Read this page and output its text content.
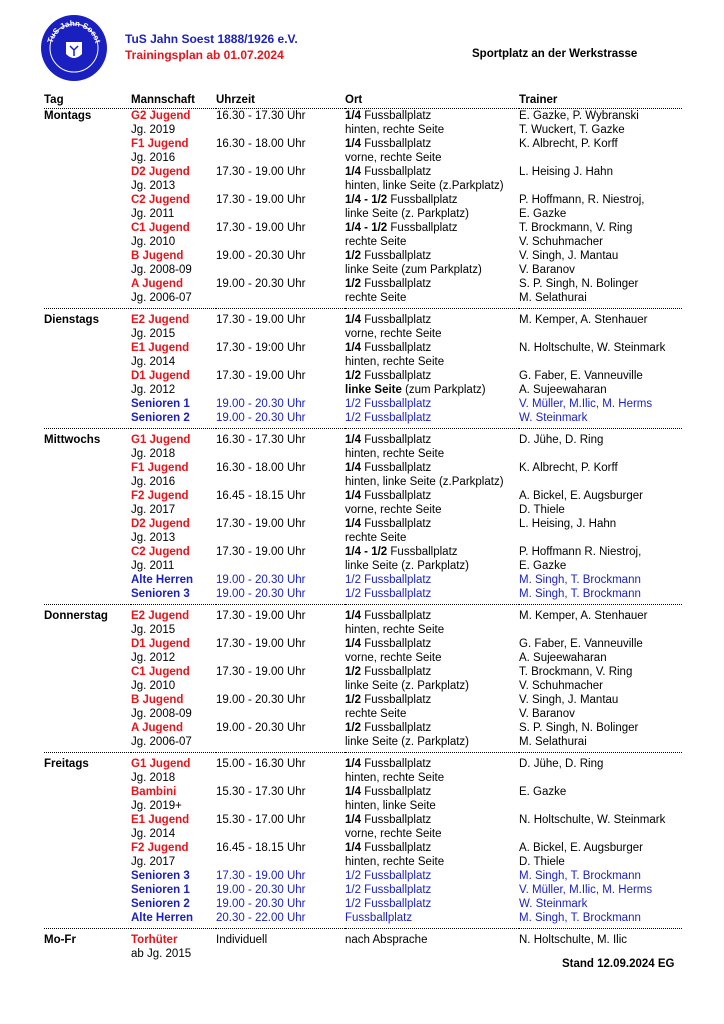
TuS Jahn Soest TuS Jahn Soest 1888/1926 e.V.
Trainingsplan ab 01.07.2024	Sportplatz an der Werkstrasse
Tag	Mannschaft	Uhrzeit	Ort	Trainer
Montags	G2 Jugend	16.30 - 17.30 Uhr	1/4 Fussballplatz	E. Gazke, P. Wybranski
	Jg. 2019		hinten, rechte Seite	T. Wuckert, T. Gazke
	F1 Jugend	16.30 - 18.00 Uhr	1/4 Fussballplatz	K. Albrecht, P. Korff
	Jg. 2016		vorne, rechte Seite	
	D2 Jugend	17.30 - 19.00 Uhr	1/4 Fussballplatz	L. Heising J. Hahn
	Jg. 2013		hinten, linke Seite (z.Parkplatz)	
	C2 Jugend	17.30 - 19.00 Uhr	1/4 - 1/2 Fussballplatz	P. Hoffmann, R. Niestroj,
	Jg. 2011		linke Seite (z. Parkplatz)	E. Gazke
	C1 Jugend	17.30 - 19.00 Uhr	1/4 - 1/2 Fussballplatz	T. Brockmann, V. Ring
	Jg. 2010		rechte Seite	V. Schuhmacher
	B Jugend	19.00 - 20.30 Uhr	1/2 Fussballplatz	V. Singh, J. Mantau
	Jg. 2008-09		linke Seite (zum Parkplatz)	V. Baranov
	A Jugend	19.00 - 20.30 Uhr	1/2 Fussballplatz	S. P. Singh, N. Bolinger
	Jg. 2006-07		rechte Seite	M. Selathurai

Dienstags	E2 Jugend	17.30 - 19.00 Uhr	1/4 Fussballplatz	M. Kemper, A. Stenhauer
	Jg. 2015		vorne, rechte Seite	
	E1 Jugend	17.30 - 19:00 Uhr	1/4 Fussballplatz	N. Holtschulte, W. Steinmark
	Jg. 2014		hinten, rechte Seite	
	D1 Jugend	17.30 - 19.00 Uhr	1/2 Fussballplatz	G. Faber, E. Vanneuville
	Jg. 2012		linke Seite (zum Parkplatz)	A. Sujeewaharan
	Senioren 1	19.00 - 20.30 Uhr	1/2 Fussballplatz	V. Müller, M.Ilic, M. Herms
	Senioren 2	19.00 - 20.30 Uhr	1/2 Fussballplatz	W. Steinmark

Mittwochs	G1 Jugend	16.30 - 17.30 Uhr	1/4 Fussballplatz	D. Jühe, D. Ring
	Jg. 2018		hinten, rechte Seite	
	F1 Jugend	16.30 - 18.00 Uhr	1/4 Fussballplatz	K. Albrecht, P. Korff
	Jg. 2016		hinten, linke Seite (z.Parkplatz)	
	F2 Jugend	16.45 - 18.15 Uhr	1/4 Fussballplatz	A. Bickel, E. Augsburger
	Jg. 2017		vorne, rechte Seite	D. Thiele
	D2 Jugend	17.30 - 19.00 Uhr	1/4 Fussballplatz	L. Heising, J. Hahn
	Jg. 2013		rechte Seite	
	C2 Jugend	17.30 - 19.00 Uhr	1/4 - 1/2 Fussballplatz	P. Hoffmann R. Niestroj,
	Jg. 2011		linke Seite (z. Parkplatz)	E. Gazke
	Alte Herren	19.00 - 20.30 Uhr	1/2 Fussballplatz	M. Singh, T. Brockmann
	Senioren 3	19.00 - 20.30 Uhr	1/2 Fussballplatz	M. Singh, T. Brockmann

Donnerstag	E2 Jugend	17.30 - 19.00 Uhr	1/4 Fussballplatz	M. Kemper, A. Stenhauer
	Jg. 2015		hinten, rechte Seite	
	D1 Jugend	17.30 - 19.00 Uhr	1/4 Fussballplatz	G. Faber, E. Vanneuville
	Jg. 2012		vorne, rechte Seite	A. Sujeewaharan
	C1 Jugend	17.30 - 19.00 Uhr	1/2 Fussballplatz	T. Brockmann, V. Ring
	Jg. 2010		linke Seite (z. Parkplatz)	V. Schuhmacher
	B Jugend	19.00 - 20.30 Uhr	1/2 Fussballplatz	V. Singh, J. Mantau
	Jg. 2008-09		rechte Seite	V. Baranov
	A Jugend	19.00 - 20.30 Uhr	1/2 Fussballplatz	S. P. Singh, N. Bolinger
	Jg. 2006-07		linke Seite (z. Parkplatz)	M. Selathurai

Freitags	G1 Jugend	15.00 - 16.30 Uhr	1/4 Fussballplatz	D. Jühe, D. Ring
	Jg. 2018		hinten, rechte Seite	
	Bambini	15.30 - 17.30 Uhr	1/4 Fussballplatz	E. Gazke
	Jg. 2019+		hinten, linke Seite	
	E1 Jugend	15.30 - 17.00 Uhr	1/4 Fussballplatz	N. Holtschulte, W. Steinmark
	Jg. 2014		vorne, rechte Seite	
	F2 Jugend	16.45 - 18.15 Uhr	1/4 Fussballplatz	A. Bickel, E. Augsburger
	Jg. 2017		hinten, rechte Seite	D. Thiele
	Senioren 3	17.30 - 19.00 Uhr	1/2 Fussballplatz	M. Singh, T. Brockmann
	Senioren 1	19.00 - 20.30 Uhr	1/2 Fussballplatz	V. Müller, M.Ilic, M. Herms
	Senioren 2	19.00 - 20.30 Uhr	1/2 Fussballplatz	W. Steinmark
	Alte Herren	20.30 - 22.00 Uhr	Fussballplatz	M. Singh, T. Brockmann

Mo-Fr	Torhüter	Individuell	nach Absprache	N. Holtschulte, M. Ilic
	ab Jg. 2015			
Stand 12.09.2024 EG
